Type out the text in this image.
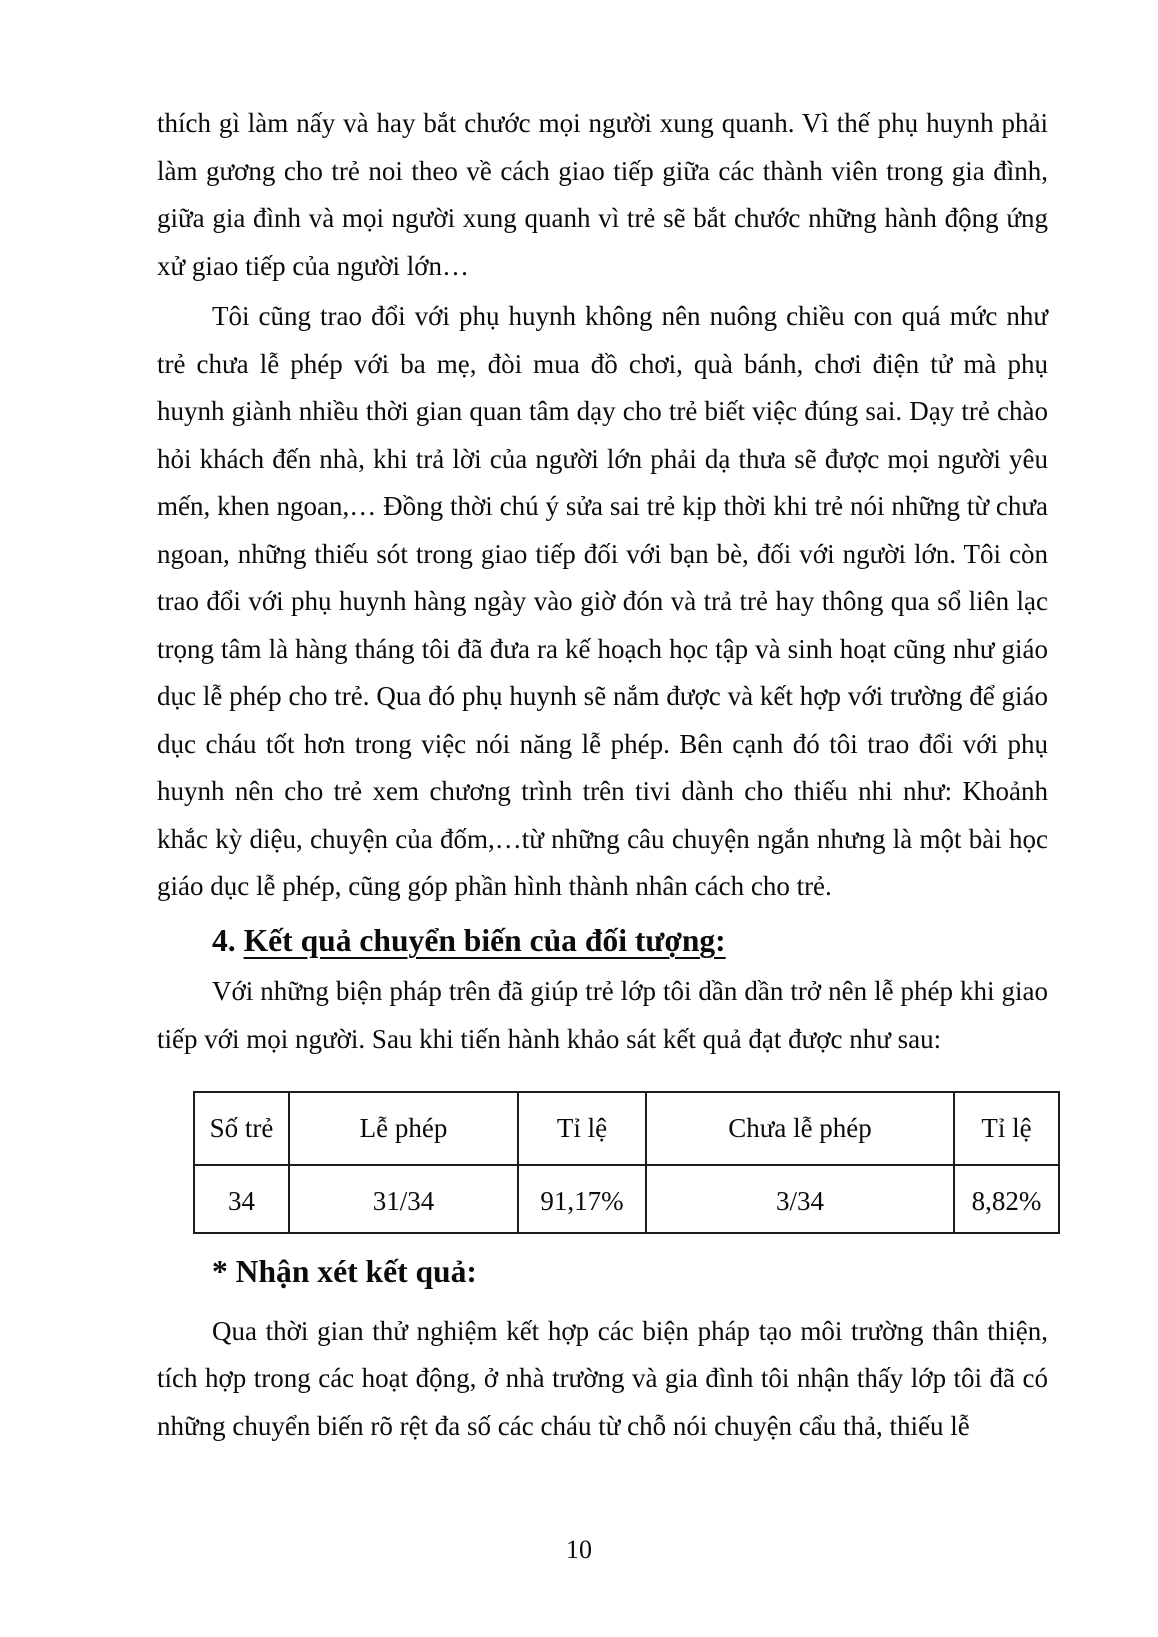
thích gì làm nấy và hay bắt chước mọi người xung quanh. Vì thế phụ huynh phải làm gương cho trẻ noi theo về cách giao tiếp giữa các thành viên trong gia đình, giữa gia đình và mọi người xung quanh vì trẻ sẽ bắt chước những hành động ứng xử giao tiếp của người lớn…

Tôi cũng trao đổi với phụ huynh không nên nuông chiều con quá mức như trẻ chưa lễ phép với ba mẹ, đòi mua đồ chơi, quà bánh, chơi điện tử mà phụ huynh giành nhiều thời gian quan tâm dạy cho trẻ biết việc đúng sai. Dạy trẻ chào hỏi khách đến nhà, khi trả lời của người lớn phải dạ thưa sẽ được mọi người yêu mến, khen ngoan,… Đồng thời chú ý sửa sai trẻ kịp thời khi trẻ nói những từ chưa ngoan, những thiếu sót trong giao tiếp đối với bạn bè, đối với người lớn. Tôi còn trao đổi với phụ huynh hàng ngày vào giờ đón và trả trẻ hay thông qua sổ liên lạc trọng tâm là hàng tháng tôi đã đưa ra kế hoạch học tập và sinh hoạt cũng như giáo dục lễ phép cho trẻ. Qua đó phụ huynh sẽ nắm được và kết hợp với trường để giáo dục cháu tốt hơn trong việc nói năng lễ phép. Bên cạnh đó tôi trao đổi với phụ huynh nên cho trẻ xem chương trình trên tivi dành cho thiếu nhi như: Khoảnh khắc kỳ diệu, chuyện của đốm,…từ những câu chuyện ngắn nhưng là một bài học giáo dục lễ phép, cũng góp phần hình thành nhân cách cho trẻ.

4. Kết quả chuyển biến của đối tượng:

Với những biện pháp trên đã giúp trẻ lớp tôi dần dần trở nên lễ phép khi giao tiếp với mọi người. Sau khi tiến hành khảo sát kết quả đạt được như sau:

Số trẻ	Lễ phép	Tỉ lệ	Chưa lễ phép	Tỉ lệ
34	31/34	91,17%	3/34	8,82%
* Nhận xét kết quả:

Qua thời gian thử nghiệm kết hợp các biện pháp tạo môi trường thân thiện, tích hợp trong các hoạt động, ở nhà trường và gia đình tôi nhận thấy lớp tôi đã có những chuyển biến rõ rệt đa số các cháu từ chỗ nói chuyện cẩu thả, thiếu lễ

10
